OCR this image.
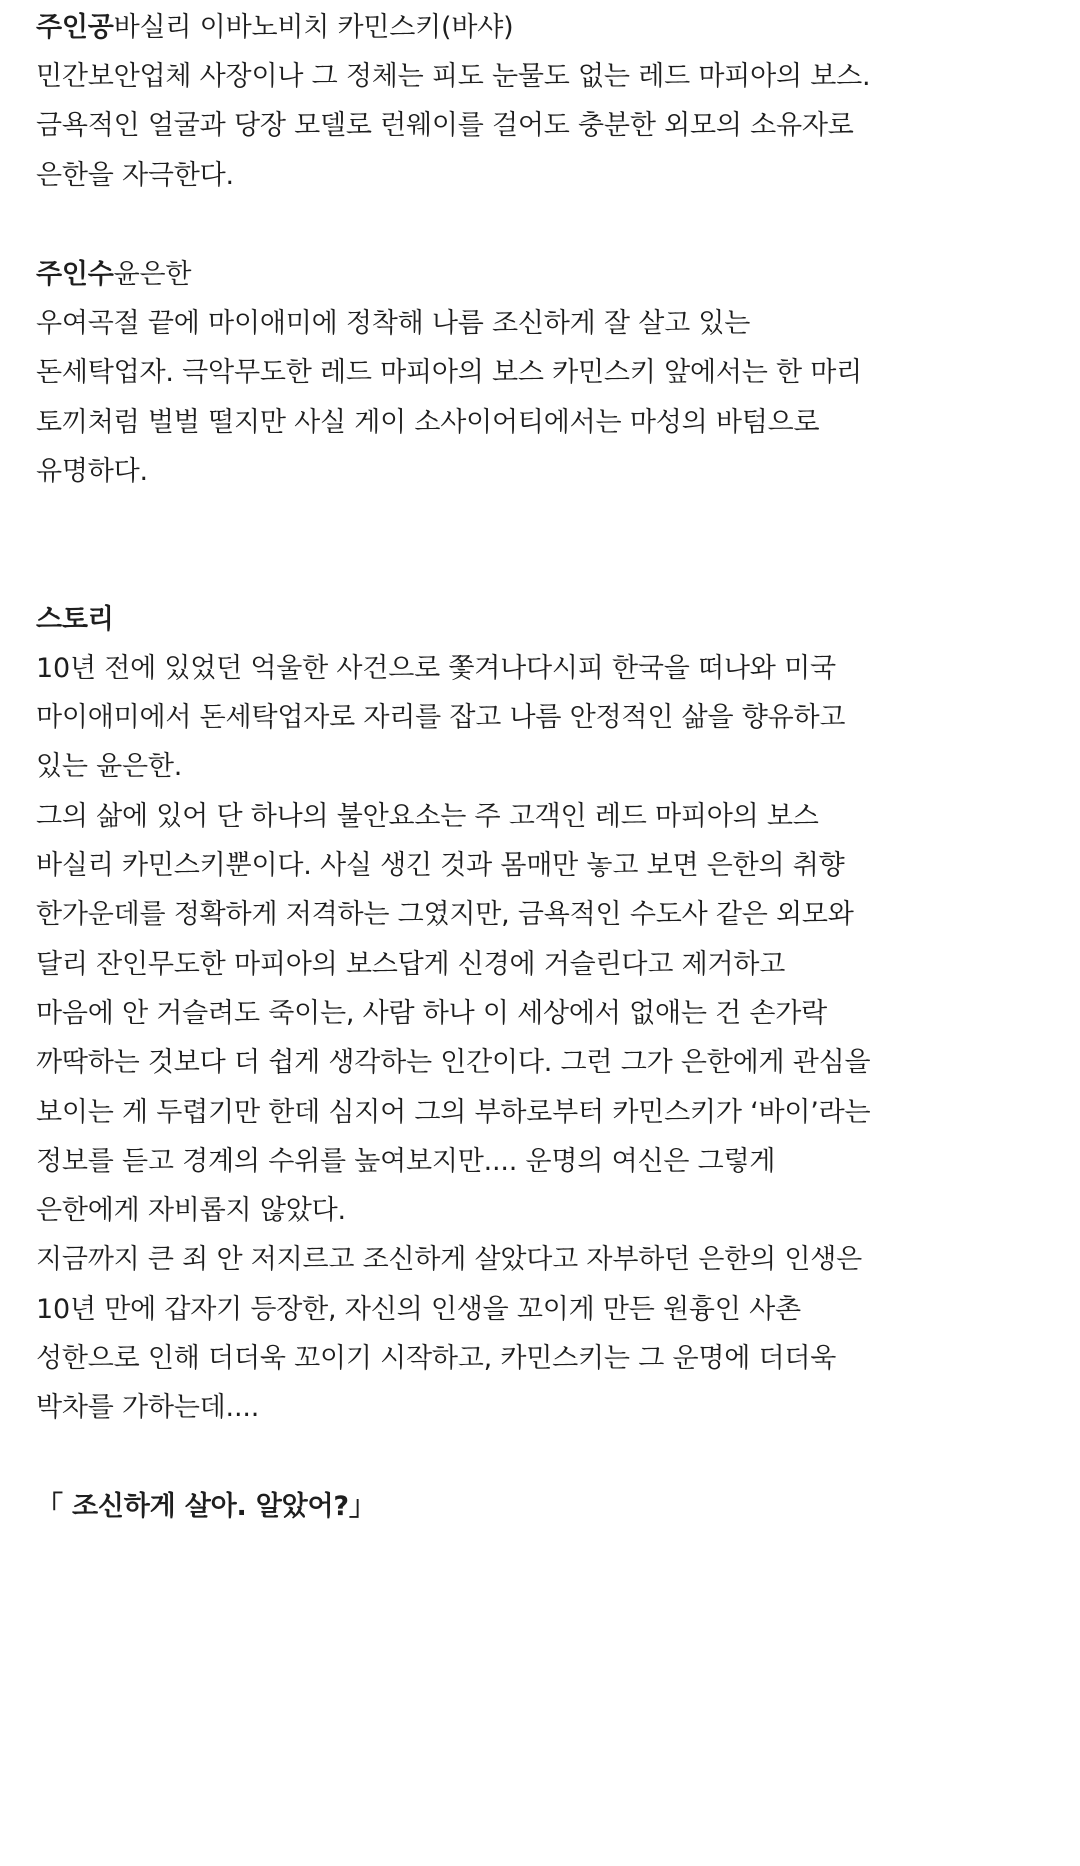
주인공바실리 이바노비치 카민스키(바샤)
민간보안업체 사장이나 그 정체는 피도 눈물도 없는 레드 마피아의 보스.
금욕적인 얼굴과 당장 모델로 런웨이를 걸어도 충분한 외모의 소유자로
은한을 자극한다.
주인수윤은한
우여곡절 끝에 마이애미에 정착해 나름 조신하게 잘 살고 있는
돈세탁업자. 극악무도한 레드 마피아의 보스 카민스키 앞에서는 한 마리
토끼처럼 벌벌 떨지만 사실 게이 소사이어티에서는 마성의 바텀으로
유명하다.
스토리
10년 전에 있었던 억울한 사건으로 쫓겨나다시피 한국을 떠나와 미국
마이애미에서 돈세탁업자로 자리를 잡고 나름 안정적인 삶을 향유하고
있는 윤은한.
그의 삶에 있어 단 하나의 불안요소는 주 고객인 레드 마피아의 보스
바실리 카민스키뿐이다. 사실 생긴 것과 몸매만 놓고 보면 은한의 취향
한가운데를 정확하게 저격하는 그였지만, 금욕적인 수도사 같은 외모와
달리 잔인무도한 마피아의 보스답게 신경에 거슬린다고 제거하고
마음에 안 거슬려도 죽이는, 사람 하나 이 세상에서 없애는 건 손가락
까딱하는 것보다 더 쉽게 생각하는 인간이다. 그런 그가 은한에게 관심을
보이는 게 두렵기만 한데 심지어 그의 부하로부터 카민스키가 ‘바이’라는
정보를 듣고 경계의 수위를 높여보지만.... 운명의 여신은 그렇게
은한에게 자비롭지 않았다.
지금까지 큰 죄 안 저지르고 조신하게 살았다고 자부하던 은한의 인생은
10년 만에 갑자기 등장한, 자신의 인생을 꼬이게 만든 원흉인 사촌
성한으로 인해 더더욱 꼬이기 시작하고, 카민스키는 그 운명에 더더욱
박차를 가하는데....
「 조신하게 살아. 알았어?」
